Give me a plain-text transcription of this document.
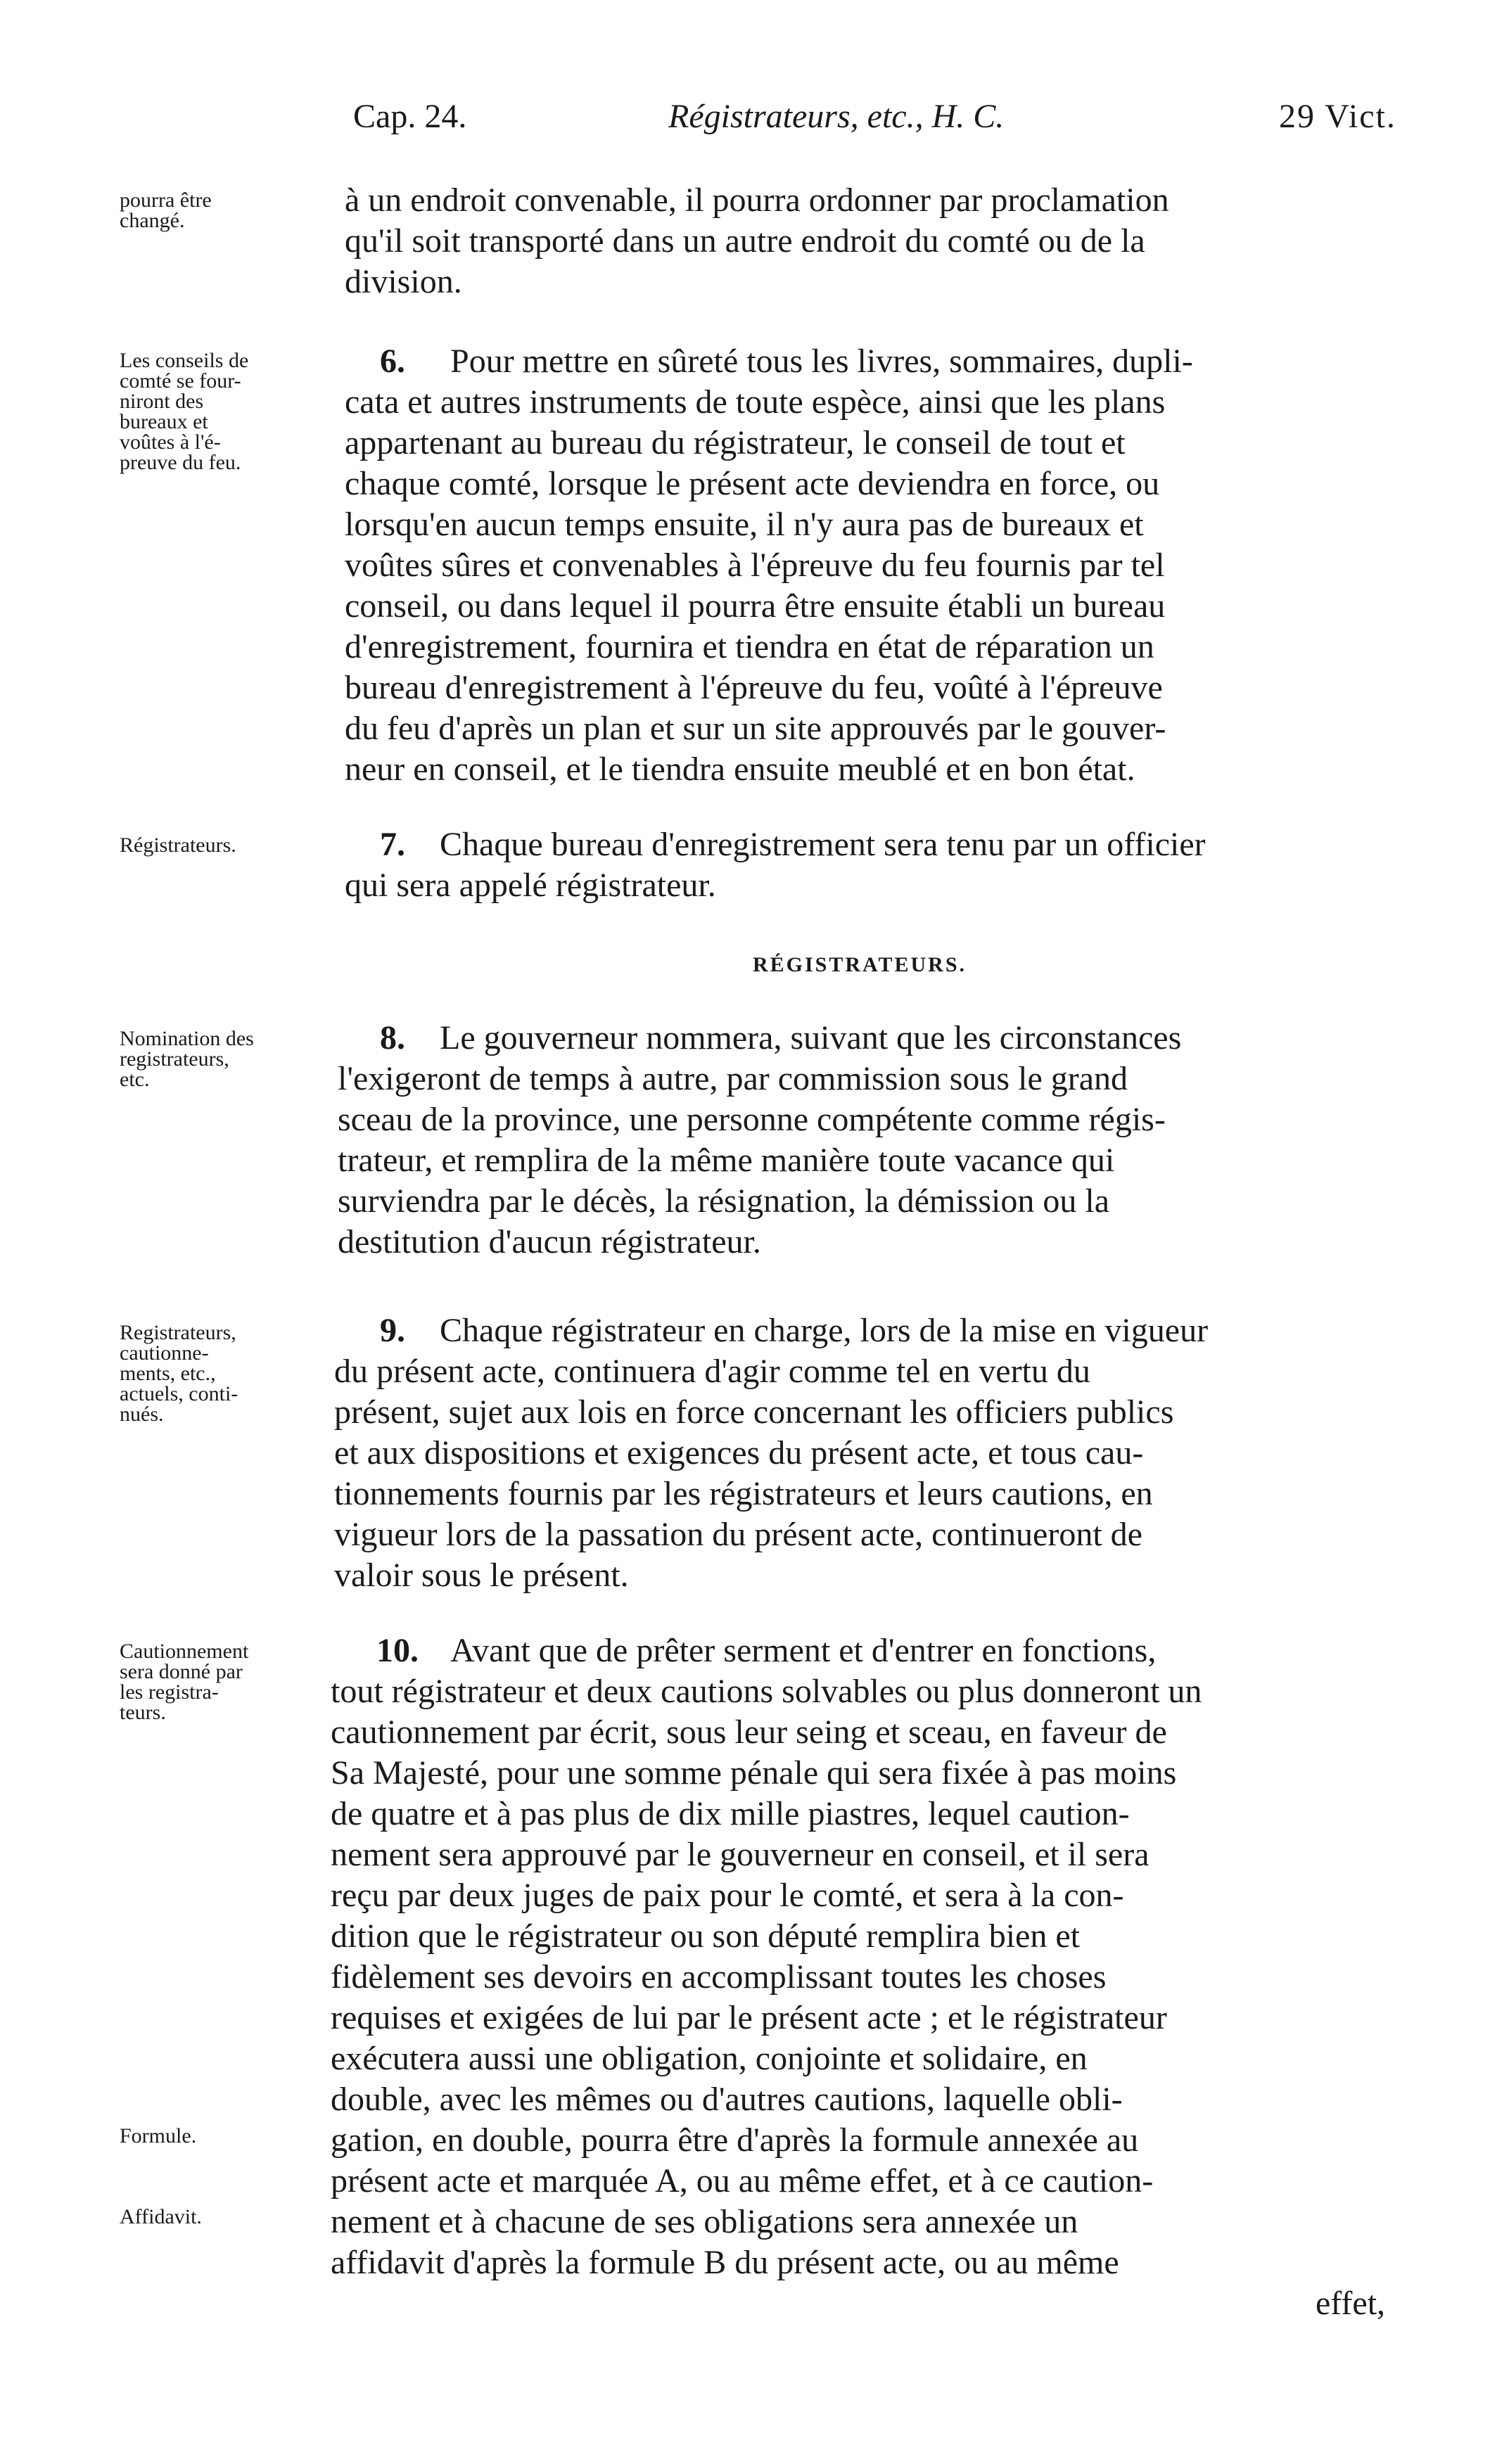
Cap. 24.	Régistrateurs, etc., H. C.	29 Vict.
pourra être
changé.
Les conseils de
comté se four-
niront des
bureaux et
voûtes à l'é-
preuve du feu.
Régistrateurs.
Nomination des
registrateurs,
etc.
Registrateurs,
cautionne-
ments, etc.,
actuels, conti-
nués.
Cautionnement
sera donné par
les registra-
teurs.
Formule.
Affidavit.
à un endroit convenable, il pourra ordonner par proclamation
qu'il soit transporté dans un autre endroit du comté ou de la
division.
6. Pour mettre en sûreté tous les livres, sommaires, dupli-
cata et autres instruments de toute espèce, ainsi que les plans
appartenant au bureau du régistrateur, le conseil de tout et
chaque comté, lorsque le présent acte deviendra en force, ou
lorsqu'en aucun temps ensuite, il n'y aura pas de bureaux et
voûtes sûres et convenables à l'épreuve du feu fournis par tel
conseil, ou dans lequel il pourra être ensuite établi un bureau
d'enregistrement, fournira et tiendra en état de réparation un
bureau d'enregistrement à l'épreuve du feu, voûté à l'épreuve
du feu d'après un plan et sur un site approuvés par le gouver-
neur en conseil, et le tiendra ensuite meublé et en bon état.
7. Chaque bureau d'enregistrement sera tenu par un officier
qui sera appelé régistrateur.
RÉGISTRATEURS.
8. Le gouverneur nommera, suivant que les circonstances
l'exigeront de temps à autre, par commission sous le grand
sceau de la province, une personne compétente comme régis-
trateur, et remplira de la même manière toute vacance qui
surviendra par le décès, la résignation, la démission ou la
destitution d'aucun régistrateur.
9. Chaque régistrateur en charge, lors de la mise en vigueur
du présent acte, continuera d'agir comme tel en vertu du
présent, sujet aux lois en force concernant les officiers publics
et aux dispositions et exigences du présent acte, et tous cau-
tionnements fournis par les régistrateurs et leurs cautions, en
vigueur lors de la passation du présent acte, continueront de
valoir sous le présent.
10. Avant que de prêter serment et d'entrer en fonctions,
tout régistrateur et deux cautions solvables ou plus donneront un
cautionnement par écrit, sous leur seing et sceau, en faveur de
Sa Majesté, pour une somme pénale qui sera fixée à pas moins
de quatre et à pas plus de dix mille piastres, lequel caution-
nement sera approuvé par le gouverneur en conseil, et il sera
reçu par deux juges de paix pour le comté, et sera à la con-
dition que le régistrateur ou son député remplira bien et
fidèlement ses devoirs en accomplissant toutes les choses
requises et exigées de lui par le présent acte ; et le régistrateur
exécutera aussi une obligation, conjointe et solidaire, en
double, avec les mêmes ou d'autres cautions, laquelle obli-
gation, en double, pourra être d'après la formule annexée au
présent acte et marquée A, ou au même effet, et à ce caution-
nement et à chacune de ses obligations sera annexée un
affidavit d'après la formule B du présent acte, ou au même
effet,
